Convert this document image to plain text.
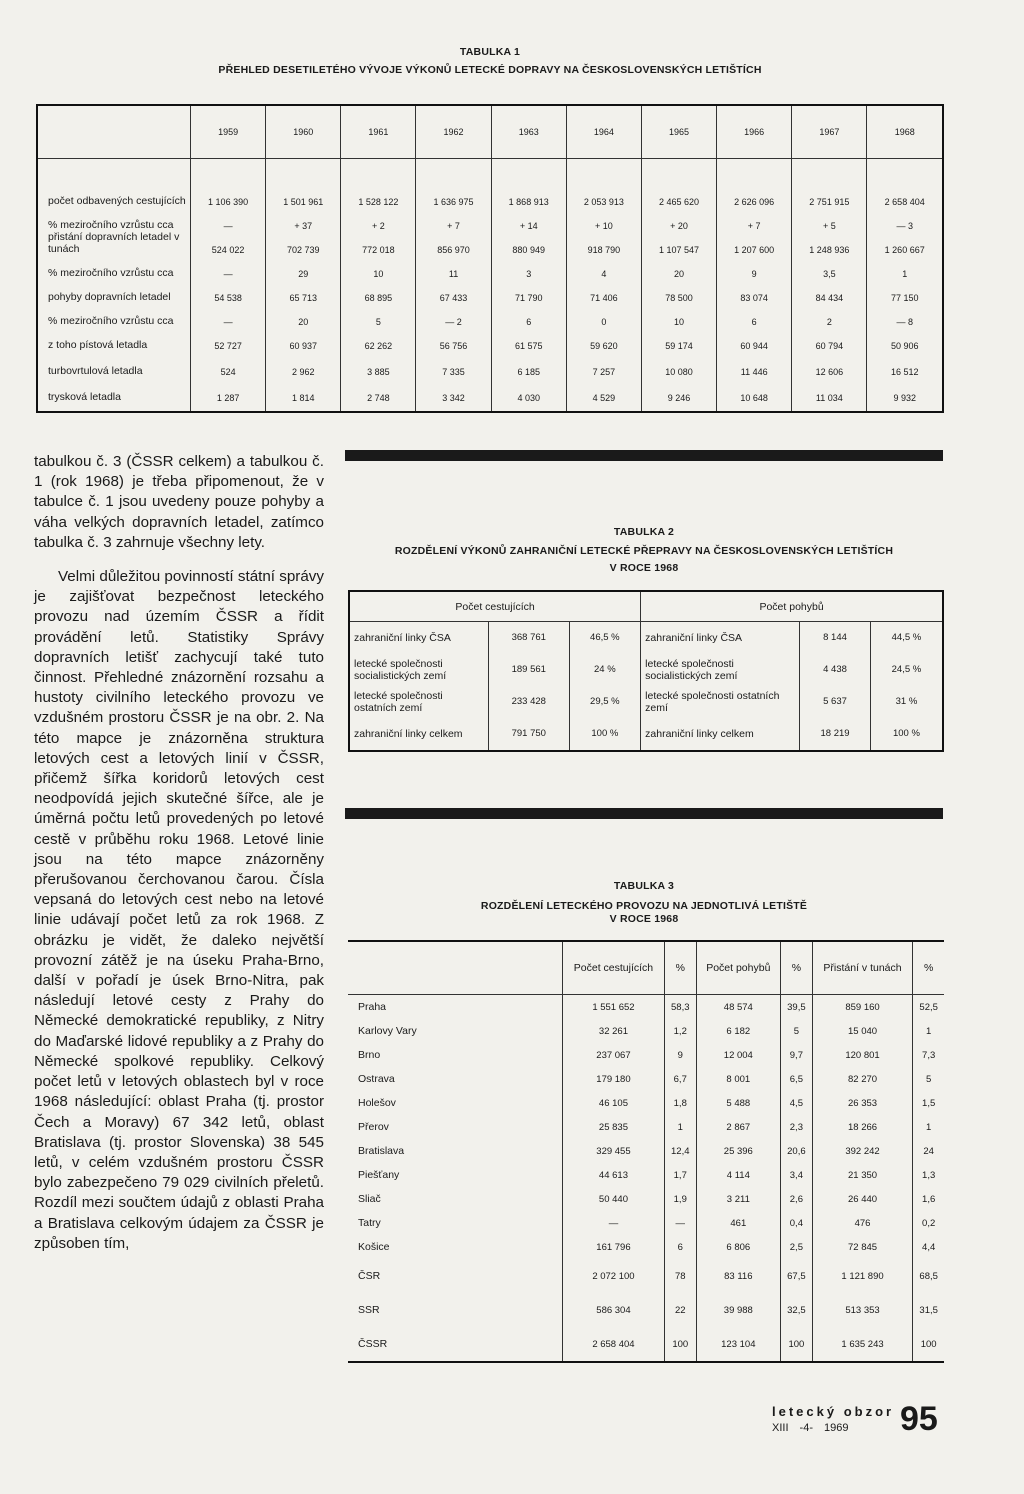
TABULKA 1
PŘEHLED DESETILETÉHO VÝVOJE VÝKONŮ LETECKÉ DOPRAVY NA ČESKOSLOVENSKÝCH LETIŠTÍCH
	1959	1960	1961	1962	1963	1964	1965	1966	1967	1968

počet odbavených cestujících	1 106 390	1 501 961	1 528 122	1 636 975	1 868 913	2 053 913	2 465 620	2 626 096	2 751 915	2 658 404
% meziročního vzrůstu cca	—	+ 37	+ 2	+ 7	+ 14	+ 10	+ 20	+ 7	+ 5	— 3
přistání dopravních letadel v tunách	524 022	702 739	772 018	856 970	880 949	918 790	1 107 547	1 207 600	1 248 936	1 260 667
% meziročního vzrůstu cca	—	29	10	11	3	4	20	9	3,5	1
pohyby dopravních letadel	54 538	65 713	68 895	67 433	71 790	71 406	78 500	83 074	84 434	77 150
% meziročního vzrůstu cca	—	20	5	— 2	6	0	10	6	2	— 8
z toho pístová letadla	52 727	60 937	62 262	56 756	61 575	59 620	59 174	60 944	60 794	50 906
turbovrtulová letadla	524	2 962	3 885	7 335	6 185	7 257	10 080	11 446	12 606	16 512
trysková letadla	1 287	1 814	2 748	3 342	4 030	4 529	9 246	10 648	11 034	9 932

tabulkou č. 3 (ČSSR celkem) a tabulkou č. 1 (rok 1968) je třeba připomenout, že v tabulce č. 1 jsou uvedeny pouze pohyby a váha velkých dopravních letadel, zatímco tabulka č. 3 zahrnuje všechny lety.

Velmi důležitou povinností státní správy je zajišťovat bezpečnost leteckého provozu nad územím ČSSR a řídit provádění letů. Statistiky Správy dopravních letišť zachycují také tuto činnost. Přehledné znázornění rozsahu a hustoty civilního leteckého provozu ve vzdušném prostoru ČSSR je na obr. 2. Na této mapce je znázorněna struktura letových cest a letových linií v ČSSR, přičemž šířka koridorů letových cest neodpovídá jejich skutečné šířce, ale je úměrná počtu letů provedených po letové cestě v průběhu roku 1968. Letové linie jsou na této mapce znázorněny přerušovanou čerchovanou čarou. Čísla vepsaná do letových cest nebo na letové linie udávají počet letů za rok 1968. Z obrázku je vidět, že daleko největší provozní zátěž je na úseku Praha-Brno, další v pořadí je úsek Brno-Nitra, pak následují letové cesty z Prahy do Německé demokratické republiky, z Nitry do Maďarské lidové republiky a z Prahy do Německé spolkové republiky. Celkový počet letů v letových oblastech byl v roce 1968 následující: oblast Praha (tj. prostor Čech a Moravy) 67 342 letů, oblast Bratislava (tj. prostor Slovenska) 38 545 letů, v celém vzdušném prostoru ČSSR bylo zabezpečeno 79 029 civilních přeletů. Rozdíl mezi součtem údajů z oblasti Praha a Bratislava celkovým údajem za ČSSR je způsoben tím,

TABULKA 2
ROZDĚLENÍ VÝKONŮ ZAHRANIČNÍ LETECKÉ PŘEPRAVY NA ČESKOSLOVENSKÝCH LETIŠTÍCH
V ROCE 1968
Počet cestujících			Počet pohybů		
zahraniční linky ČSA	368 761	46,5 %	zahraniční linky ČSA	8 144	44,5 %
letecké společnosti socialistických zemí	189 561	24 %	letecké společnosti socialistických zemí	4 438	24,5 %
letecké společnosti ostatních zemí	233 428	29,5 %	letecké společnosti ostatních zemí	5 637	31 %
zahraniční linky celkem	791 750	100 %	zahraniční linky celkem	18 219	100 %
TABULKA 3
ROZDĚLENÍ LETECKÉHO PROVOZU NA JEDNOTLIVÁ LETIŠTĚ
V ROCE 1968
	Počet cestujících	%	Počet pohybů	%	Přistání v tunách	%
Praha	1 551 652	58,3	48 574	39,5	859 160	52,5
Karlovy Vary	32 261	1,2	6 182	5	15 040	1
Brno	237 067	9	12 004	9,7	120 801	7,3
Ostrava	179 180	6,7	8 001	6,5	82 270	5
Holešov	46 105	1,8	5 488	4,5	26 353	1,5
Přerov	25 835	1	2 867	2,3	18 266	1
Bratislava	329 455	12,4	25 396	20,6	392 242	24
Piešťany	44 613	1,7	4 114	3,4	21 350	1,3
Sliač	50 440	1,9	3 211	2,6	26 440	1,6
Tatry	—	—	461	0,4	476	0,2
Košice	161 796	6	6 806	2,5	72 845	4,4
ČSR	2 072 100	78	83 116	67,5	1 121 890	68,5
SSR	586 304	22	39 988	32,5	513 353	31,5
ČSSR	2 658 404	100	123 104	100	1 635 243	100
letecký obzor
XIII -4- 1969 95
